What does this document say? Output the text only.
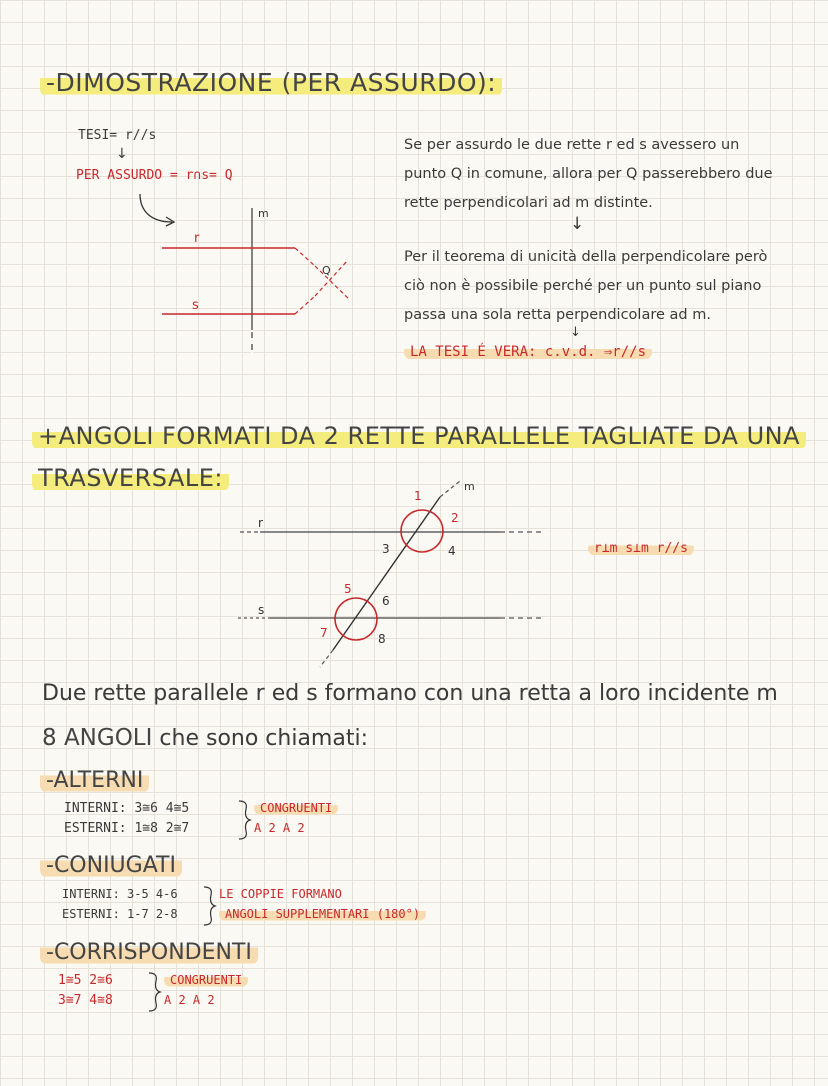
-DIMOSTRAZIONE (PER ASSURDO):
TESI= r//s
↓
PER ASSURDO = r∩s= Q
m
r
s
Q
Se per assurdo le due rette r ed s avessero un
punto Q in comune, allora per Q passerebbero due
rette perpendicolari ad m distinte.
↓
Per il teorema di unicità della perpendicolare però
ciò non è possibile perché per un punto sul piano
passa una sola retta perpendicolare ad m.
↓
LA TESI É VERA: c.v.d. ⇒r//s
+ANGOLI FORMATI DA 2 RETTE PARALLELE TAGLIATE DA UNA
TRASVERSALE:
r
s
m
1
2
3	4
5
6
7	8
r⊥m s⊥m r//s
Due rette parallele r ed s formano con una retta a loro incidente m
8 ANGOLI che sono chiamati:
-ALTERNI
INTERNI: 3≅6 4≅5
ESTERNI: 1≅8 2≅7
CONGRUENTI
A 2 A 2
-CONIUGATI
INTERNI: 3-5 4-6
ESTERNI: 1-7 2-8
LE COPPIE FORMANO
ANGOLI SUPPLEMENTARI (180°)
-CORRISPONDENTI
1≅5 2≅6
3≅7 4≅8
CONGRUENTI
A 2 A 2
